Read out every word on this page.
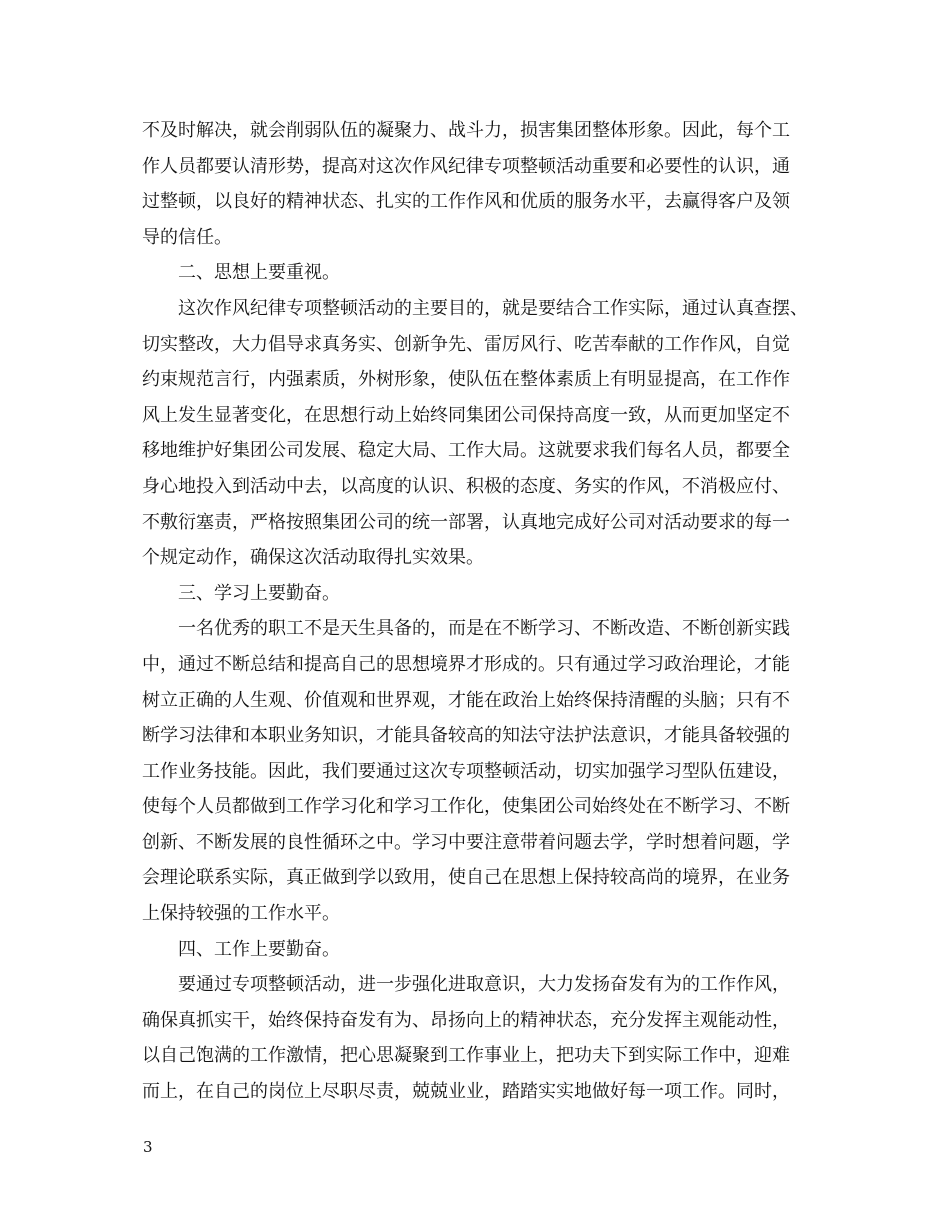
不及时解决，就会削弱队伍的凝聚力、战斗力，损害集团整体形象。因此，每个工
作人员都要认清形势，提高对这次作风纪律专项整顿活动重要和必要性的认识，通
过整顿，以良好的精神状态、扎实的工作作风和优质的服务水平，去赢得客户及领
导的信任。
二、思想上要重视。
这次作风纪律专项整顿活动的主要目的，就是要结合工作实际，通过认真查摆、
切实整改，大力倡导求真务实、创新争先、雷厉风行、吃苦奉献的工作作风，自觉
约束规范言行，内强素质，外树形象，使队伍在整体素质上有明显提高，在工作作
风上发生显著变化，在思想行动上始终同集团公司保持高度一致，从而更加坚定不
移地维护好集团公司发展、稳定大局、工作大局。这就要求我们每名人员，都要全
身心地投入到活动中去，以高度的认识、积极的态度、务实的作风，不消极应付、
不敷衍塞责，严格按照集团公司的统一部署，认真地完成好公司对活动要求的每一
个规定动作，确保这次活动取得扎实效果。
三、学习上要勤奋。
一名优秀的职工不是天生具备的，而是在不断学习、不断改造、不断创新实践
中，通过不断总结和提高自己的思想境界才形成的。只有通过学习政治理论，才能
树立正确的人生观、价值观和世界观，才能在政治上始终保持清醒的头脑；只有不
断学习法律和本职业务知识，才能具备较高的知法守法护法意识，才能具备较强的
工作业务技能。因此，我们要通过这次专项整顿活动，切实加强学习型队伍建设，
使每个人员都做到工作学习化和学习工作化，使集团公司始终处在不断学习、不断
创新、不断发展的良性循环之中。学习中要注意带着问题去学，学时想着问题，学
会理论联系实际，真正做到学以致用，使自己在思想上保持较高尚的境界，在业务
上保持较强的工作水平。
四、工作上要勤奋。
要通过专项整顿活动，进一步强化进取意识，大力发扬奋发有为的工作作风，
确保真抓实干，始终保持奋发有为、昂扬向上的精神状态，充分发挥主观能动性，
以自己饱满的工作激情，把心思凝聚到工作事业上，把功夫下到实际工作中，迎难
而上，在自己的岗位上尽职尽责，兢兢业业，踏踏实实地做好每一项工作。同时，
3
